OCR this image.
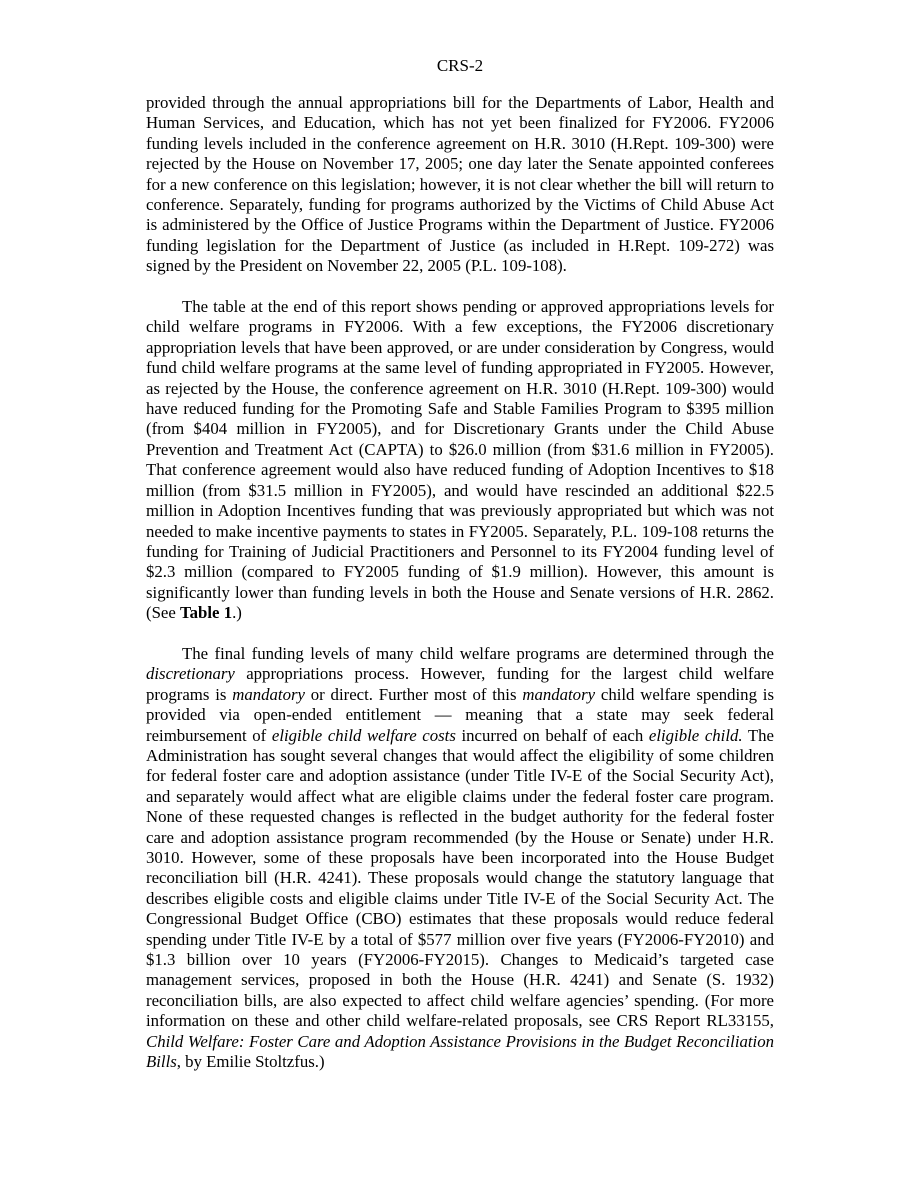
CRS-2

provided through the annual appropriations bill for the Departments of Labor, Health and Human Services, and Education, which has not yet been finalized for FY2006. FY2006 funding levels included in the conference agreement on H.R. 3010 (H.Rept. 109-300) were rejected by the House on November 17, 2005; one day later the Senate appointed conferees for a new conference on this legislation; however, it is not clear whether the bill will return to conference. Separately, funding for programs authorized by the Victims of Child Abuse Act is administered by the Office of Justice Programs within the Department of Justice. FY2006 funding legislation for the Department of Justice (as included in H.Rept. 109-272) was signed by the President on November 22, 2005 (P.L. 109-108).

The table at the end of this report shows pending or approved appropriations levels for child welfare programs in FY2006. With a few exceptions, the FY2006 discretionary appropriation levels that have been approved, or are under consideration by Congress, would fund child welfare programs at the same level of funding appropriated in FY2005. However, as rejected by the House, the conference agreement on H.R. 3010 (H.Rept. 109-300) would have reduced funding for the Promoting Safe and Stable Families Program to $395 million (from $404 million in FY2005), and for Discretionary Grants under the Child Abuse Prevention and Treatment Act (CAPTA) to $26.0 million (from $31.6 million in FY2005). That conference agreement would also have reduced funding of Adoption Incentives to $18 million (from $31.5 million in FY2005), and would have rescinded an additional $22.5 million in Adoption Incentives funding that was previously appropriated but which was not needed to make incentive payments to states in FY2005. Separately, P.L. 109-108 returns the funding for Training of Judicial Practitioners and Personnel to its FY2004 funding level of $2.3 million (compared to FY2005 funding of $1.9 million). However, this amount is significantly lower than funding levels in both the House and Senate versions of H.R. 2862. (See Table 1.)

The final funding levels of many child welfare programs are determined through the discretionary appropriations process. However, funding for the largest child welfare programs is mandatory or direct. Further most of this mandatory child welfare spending is provided via open-ended entitlement — meaning that a state may seek federal reimbursement of eligible child welfare costs incurred on behalf of each eligible child. The Administration has sought several changes that would affect the eligibility of some children for federal foster care and adoption assistance (under Title IV-E of the Social Security Act), and separately would affect what are eligible claims under the federal foster care program. None of these requested changes is reflected in the budget authority for the federal foster care and adoption assistance program recommended (by the House or Senate) under H.R. 3010. However, some of these proposals have been incorporated into the House Budget reconciliation bill (H.R. 4241). These proposals would change the statutory language that describes eligible costs and eligible claims under Title IV-E of the Social Security Act. The Congressional Budget Office (CBO) estimates that these proposals would reduce federal spending under Title IV-E by a total of $577 million over five years (FY2006-FY2010) and $1.3 billion over 10 years (FY2006-FY2015). Changes to Medicaid’s targeted case management services, proposed in both the House (H.R. 4241) and Senate (S. 1932) reconciliation bills, are also expected to affect child welfare agencies’ spending. (For more information on these and other child welfare-related proposals, see CRS Report RL33155, Child Welfare: Foster Care and Adoption Assistance Provisions in the Budget Reconciliation Bills, by Emilie Stoltzfus.)
